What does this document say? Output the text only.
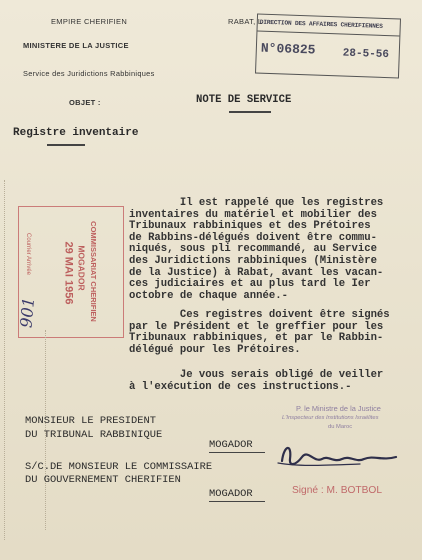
EMPIRE CHERIFIEN
MINISTERE DE LA JUSTICE
Service des Juridictions Rabbiniques
OBJET :
RABAT, L
DIRECTION DES AFFAIRES CHERIFIENNES
N°06825 28-5-56
NOTE DE SERVICE
Registre inventaire
Il est rappelé que les registres
inventaires du matériel et mobilier des
Tribunaux rabbiniques et des Prétoires
de Rabbins-délégués doivent être commu-
niqués, sous pli recommandé, au Service
des Juridictions rabbiniques (Ministère
de la Justice) à Rabat, avant les vacan-
ces judiciaires et au plus tard le Ier
octobre de chaque année.-
Ces registres doivent être signés
par le Président et le greffier pour les
Tribunaux rabbiniques, et par le Rabbin-
délégué pour les Prétoires.
Je vous serais obligé de veiller
à l'exécution de ces instructions.-
Courrier Arrivée	COMMISSARIAT CHERIFIEN
MOGADOR
29 MAI 1956
901
MONSIEUR LE PRESIDENT
DU TRIBUNAL RABBINIQUE
MOGADOR
S/C.DE MONSIEUR LE COMMISSAIRE
DU GOUVERNEMENT CHERIFIEN
MOGADOR
P. le Ministre de la Justice
L'Inspecteur des Institutions Israélites
du Maroc
Signé : M. BOTBOL
